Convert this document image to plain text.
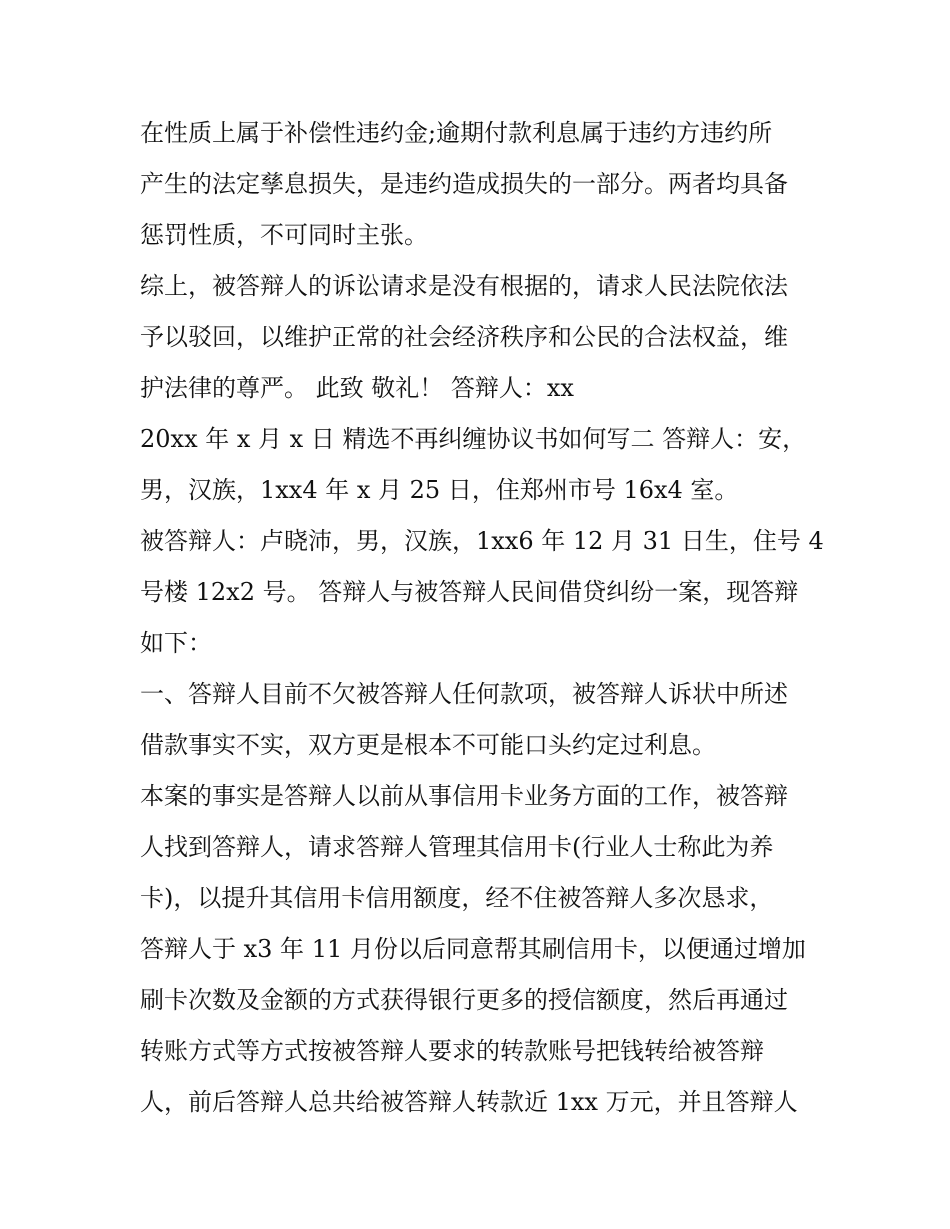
在性质上属于补偿性违约金;逾期付款利息属于违约方违约所
产生的法定孳息损失，是违约造成损失的一部分。两者均具备
惩罚性质，不可同时主张。
综上，被答辩人的诉讼请求是没有根据的，请求人民法院依法
予以驳回，以维护正常的社会经济秩序和公民的合法权益，维
护法律的尊严。 此致 敬礼！ 答辩人：xx
20xx 年 x 月 x 日 精选不再纠缠协议书如何写二 答辩人：安，
男，汉族，1xx4 年 x 月 25 日，住郑州市号 16x4 室。
被答辩人：卢晓沛，男，汉族，1xx6 年 12 月 31 日生，住号 4
号楼 12x2 号。 答辩人与被答辩人民间借贷纠纷一案，现答辩
如下：
一、答辩人目前不欠被答辩人任何款项，被答辩人诉状中所述
借款事实不实，双方更是根本不可能口头约定过利息。
本案的事实是答辩人以前从事信用卡业务方面的工作，被答辩
人找到答辩人，请求答辩人管理其信用卡(行业人士称此为养
卡)，以提升其信用卡信用额度，经不住被答辩人多次恳求，
答辩人于 x3 年 11 月份以后同意帮其刷信用卡，以便通过增加
刷卡次数及金额的方式获得银行更多的授信额度，然后再通过
转账方式等方式按被答辩人要求的转款账号把钱转给被答辩
人，前后答辩人总共给被答辩人转款近 1xx 万元，并且答辩人
